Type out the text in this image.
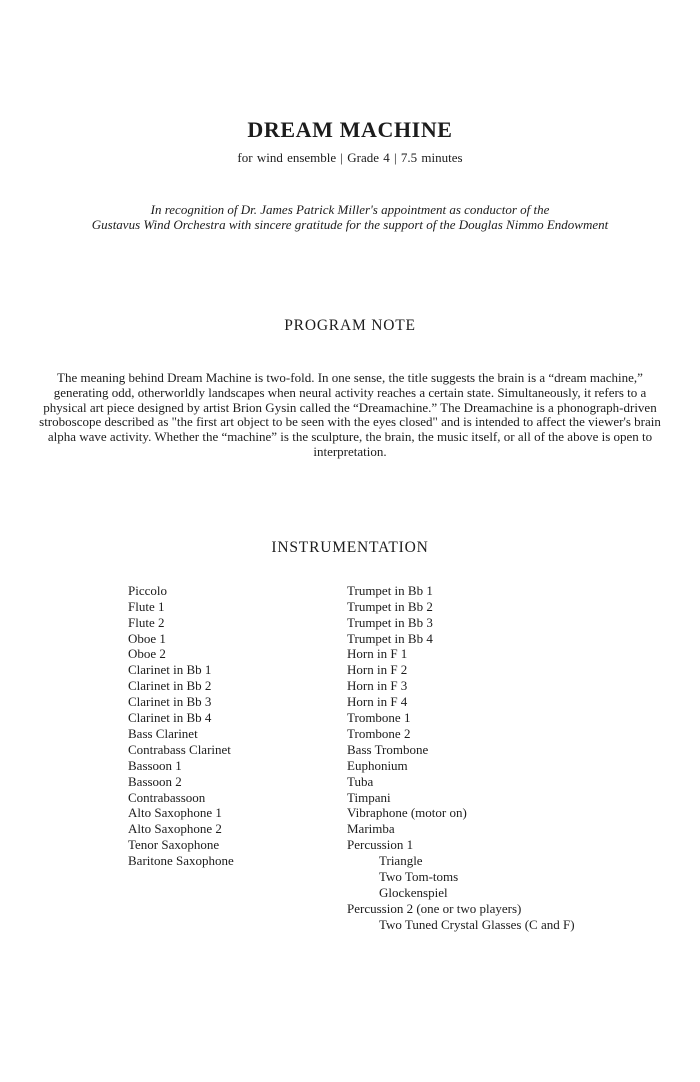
DREAM MACHINE
for wind ensemble | Grade 4 | 7.5 minutes
In recognition of Dr. James Patrick Miller's appointment as conductor of the
Gustavus Wind Orchestra with sincere gratitude for the support of the Douglas Nimmo Endowment
PROGRAM NOTE
The meaning behind Dream Machine is two-fold. In one sense, the title suggests the brain is a “dream machine,” generating odd, otherworldly landscapes when neural activity reaches a certain state. Simultaneously, it refers to a physical art piece designed by artist Brion Gysin called the “Dreamachine.” The Dreamachine is a phonograph-driven stroboscope described as "the first art object to be seen with the eyes closed" and is intended to affect the viewer's brain alpha wave activity. Whether the “machine” is the sculpture, the brain, the music itself, or all of the above is open to interpretation.
INSTRUMENTATION
Piccolo
Flute 1
Flute 2
Oboe 1
Oboe 2
Clarinet in Bb 1
Clarinet in Bb 2
Clarinet in Bb 3
Clarinet in Bb 4
Bass Clarinet
Contrabass Clarinet
Bassoon 1
Bassoon 2
Contrabassoon
Alto Saxophone 1
Alto Saxophone 2
Tenor Saxophone
Baritone Saxophone
Trumpet in Bb 1
Trumpet in Bb 2
Trumpet in Bb 3
Trumpet in Bb 4
Horn in F 1
Horn in F 2
Horn in F 3
Horn in F 4
Trombone 1
Trombone 2
Bass Trombone
Euphonium
Tuba
Timpani
Vibraphone (motor on)
Marimba
Percussion 1
Triangle
Two Tom-toms
Glockenspiel
Percussion 2 (one or two players)
Two Tuned Crystal Glasses (C and F)
